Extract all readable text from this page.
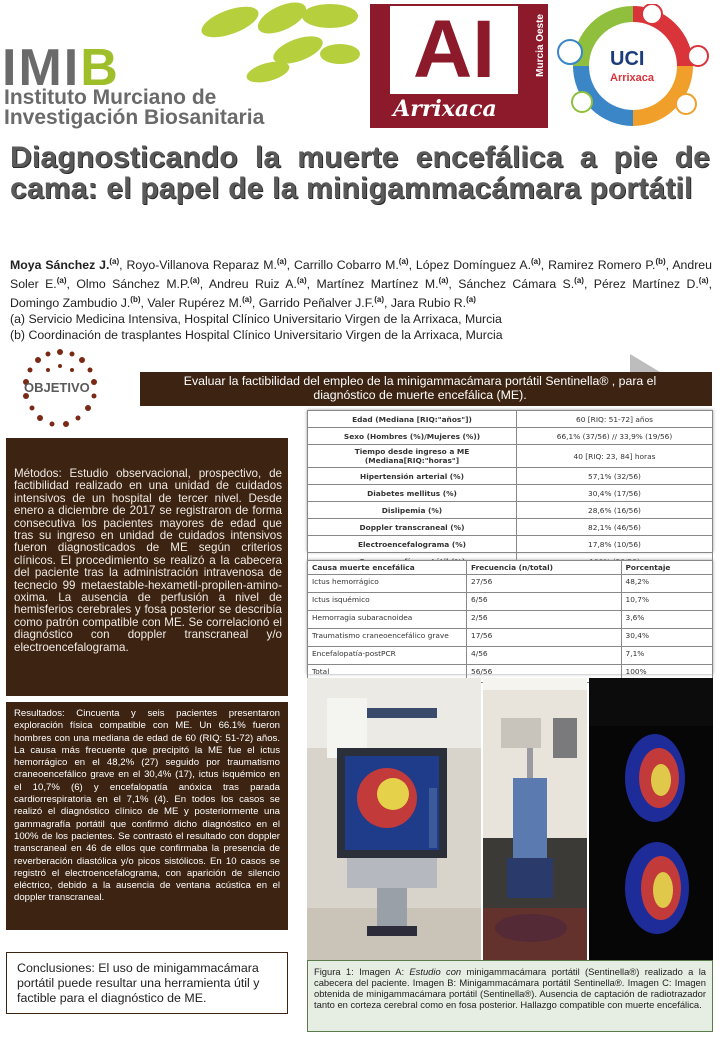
IMIB
Instituto Murciano de
Investigación Biosanitaria
AI
Arrixaca
Murcia Oeste	UCI
Arrixaca
Diagnosticando la muerte encefálica a pie de cama: el papel de la minigammacámara portátil
Moya Sánchez J.$^{(a)}$, Royo-Villanova Reparaz M.$^{(a)}$, Carrillo Cobarro M.$^{(a)}$, López Domínguez A.$^{(a)}$, Ramirez Romero P.$^{(b)}$, Andreu Soler E.$^{(a)}$, Olmo Sánchez M.P.$^{(a)}$, Andreu Ruiz A.$^{(a)}$, Martínez Martínez M.$^{(a)}$, Sánchez Cámara S.$^{(a)}$, Pérez Martínez D.$^{(a)}$, Domingo Zambudio J.$^{(b)}$, Valer Rupérez M.$^{(a)}$, Garrido Peñalver J.F.$^{(a)}$, Jara Rubio R.$^{(a)}$

(a) Servicio Medicina Intensiva, Hospital Clínico Universitario Virgen de la Arrixaca, Murcia
(b) Coordinación de trasplantes Hospital Clínico Universitario Virgen de la Arrixaca, Murcia
OBJETIVO	Evaluar la factibilidad del empleo de la minigammacámara portátil Sentinella® , para el diagnóstico de muerte encefálica (ME).
Edad (Mediana [RIQ:"años"])	60 [RIQ: 51-72] años
Sexo (Hombres (%)/Mujeres (%))	66,1% (37/56) // 33,9% (19/56)
Tiempo desde ingreso a ME (Mediana[RIQ:"horas"]	40 [RIQ: 23, 84] horas
Hipertensión arterial (%)	57,1% (32/56)
Diabetes mellitus (%)	30,4% (17/56)
Dislipemia (%)	28,6% (16/56)
Doppler transcraneal (%)	82,1% (46/56)
Electroencefalograma (%)	17,8% (10/56)

Causa muerte encefálica	Frecuencia (n/total)	Porcentaje
Ictus hemorrágico	27/56	48,2%
Ictus isquémico	6/56	10,7%
Hemorragia subaracnoidea	2/56	3,6%
Traumatismo craneoencefálico grave	17/56	30,4%
Encefalopatía-postPCR	4/56	7,1%
Total	56/56	100%
Métodos: Estudio observacional, prospectivo, de factibilidad realizado en una unidad de cuidados intensivos de un hospital de tercer nivel. Desde enero a diciembre de 2017 se registraron de forma consecutiva los pacientes mayores de edad que tras su ingreso en unidad de cuidados intensivos fueron diagnosticados de ME según criterios clínicos. El procedimiento se realizó a la cabecera del paciente tras la administración intravenosa de tecnecio 99 metaestable-hexametil-propilen-amino-oxima. La ausencia de perfusión a nivel de hemisferios cerebrales y fosa posterior se describía como patrón compatible con ME. Se correlacionó el diagnóstico con doppler transcraneal y/o electroencefalograma.
Resultados: Cincuenta y seis pacientes presentaron exploración física compatible con ME. Un 66.1% fueron hombres con una mediana de edad de 60 (RIQ: 51-72) años. La causa más frecuente que precipitó la ME fue el ictus hemorrágico en el 48,2% (27) seguido por traumatismo craneoencefálico grave en el 30,4% (17), ictus isquémico en el 10,7% (6) y encefalopatía anóxica tras parada cardiorrespiratoria en el 7,1% (4). En todos los casos se realizó el diagnóstico clínico de ME y posteriormente una gammagrafía portátil que confirmó dicho diagnóstico en el 100% de los pacientes. Se contrastó el resultado con doppler transcraneal en 46 de ellos que confirmaba la presencia de reverberación diastólica y/o picos sistólicos. En 10 casos se registró el electroencefalograma, con aparición de silencio eléctrico, debido a la ausencia de ventana acústica en el doppler transcraneal.
Conclusiones: El uso de minigammacámara portátil puede resultar una herramienta útil y factible para el diagnóstico de ME.
Figura 1: Imagen A: Estudio con minigammacámara portátil (Sentinella®) realizado a la cabecera del paciente. Imagen B: Minigammacámara portátil Sentinella®. Imagen C: Imagen obtenida de minigammacámara portátil (Sentinella®). Ausencia de captación de radiotrazador tanto en corteza cerebral como en fosa posterior. Hallazgo compatible con muerte encefálica.
